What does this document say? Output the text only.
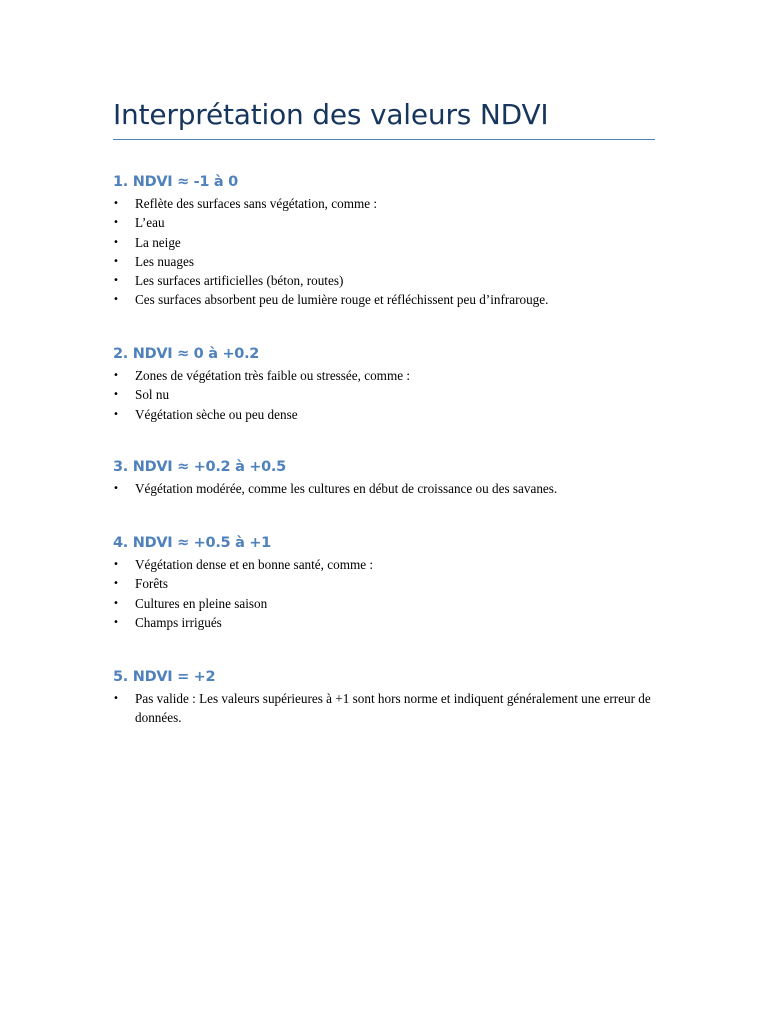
Interprétation des valeurs NDVI
1. NDVI ≈ -1 à 0
• Reflète des surfaces sans végétation, comme :
• L’eau
• La neige
• Les nuages
• Les surfaces artificielles (béton, routes)
• Ces surfaces absorbent peu de lumière rouge et réfléchissent peu d’infrarouge.
2. NDVI ≈ 0 à +0.2
• Zones de végétation très faible ou stressée, comme :
• Sol nu
• Végétation sèche ou peu dense
3. NDVI ≈ +0.2 à +0.5
• Végétation modérée, comme les cultures en début de croissance ou des savanes.
4. NDVI ≈ +0.5 à +1
• Végétation dense et en bonne santé, comme :
• Forêts
• Cultures en pleine saison
• Champs irrigués
5. NDVI = +2
• Pas valide : Les valeurs supérieures à +1 sont hors norme et indiquent généralement une erreur de données.
